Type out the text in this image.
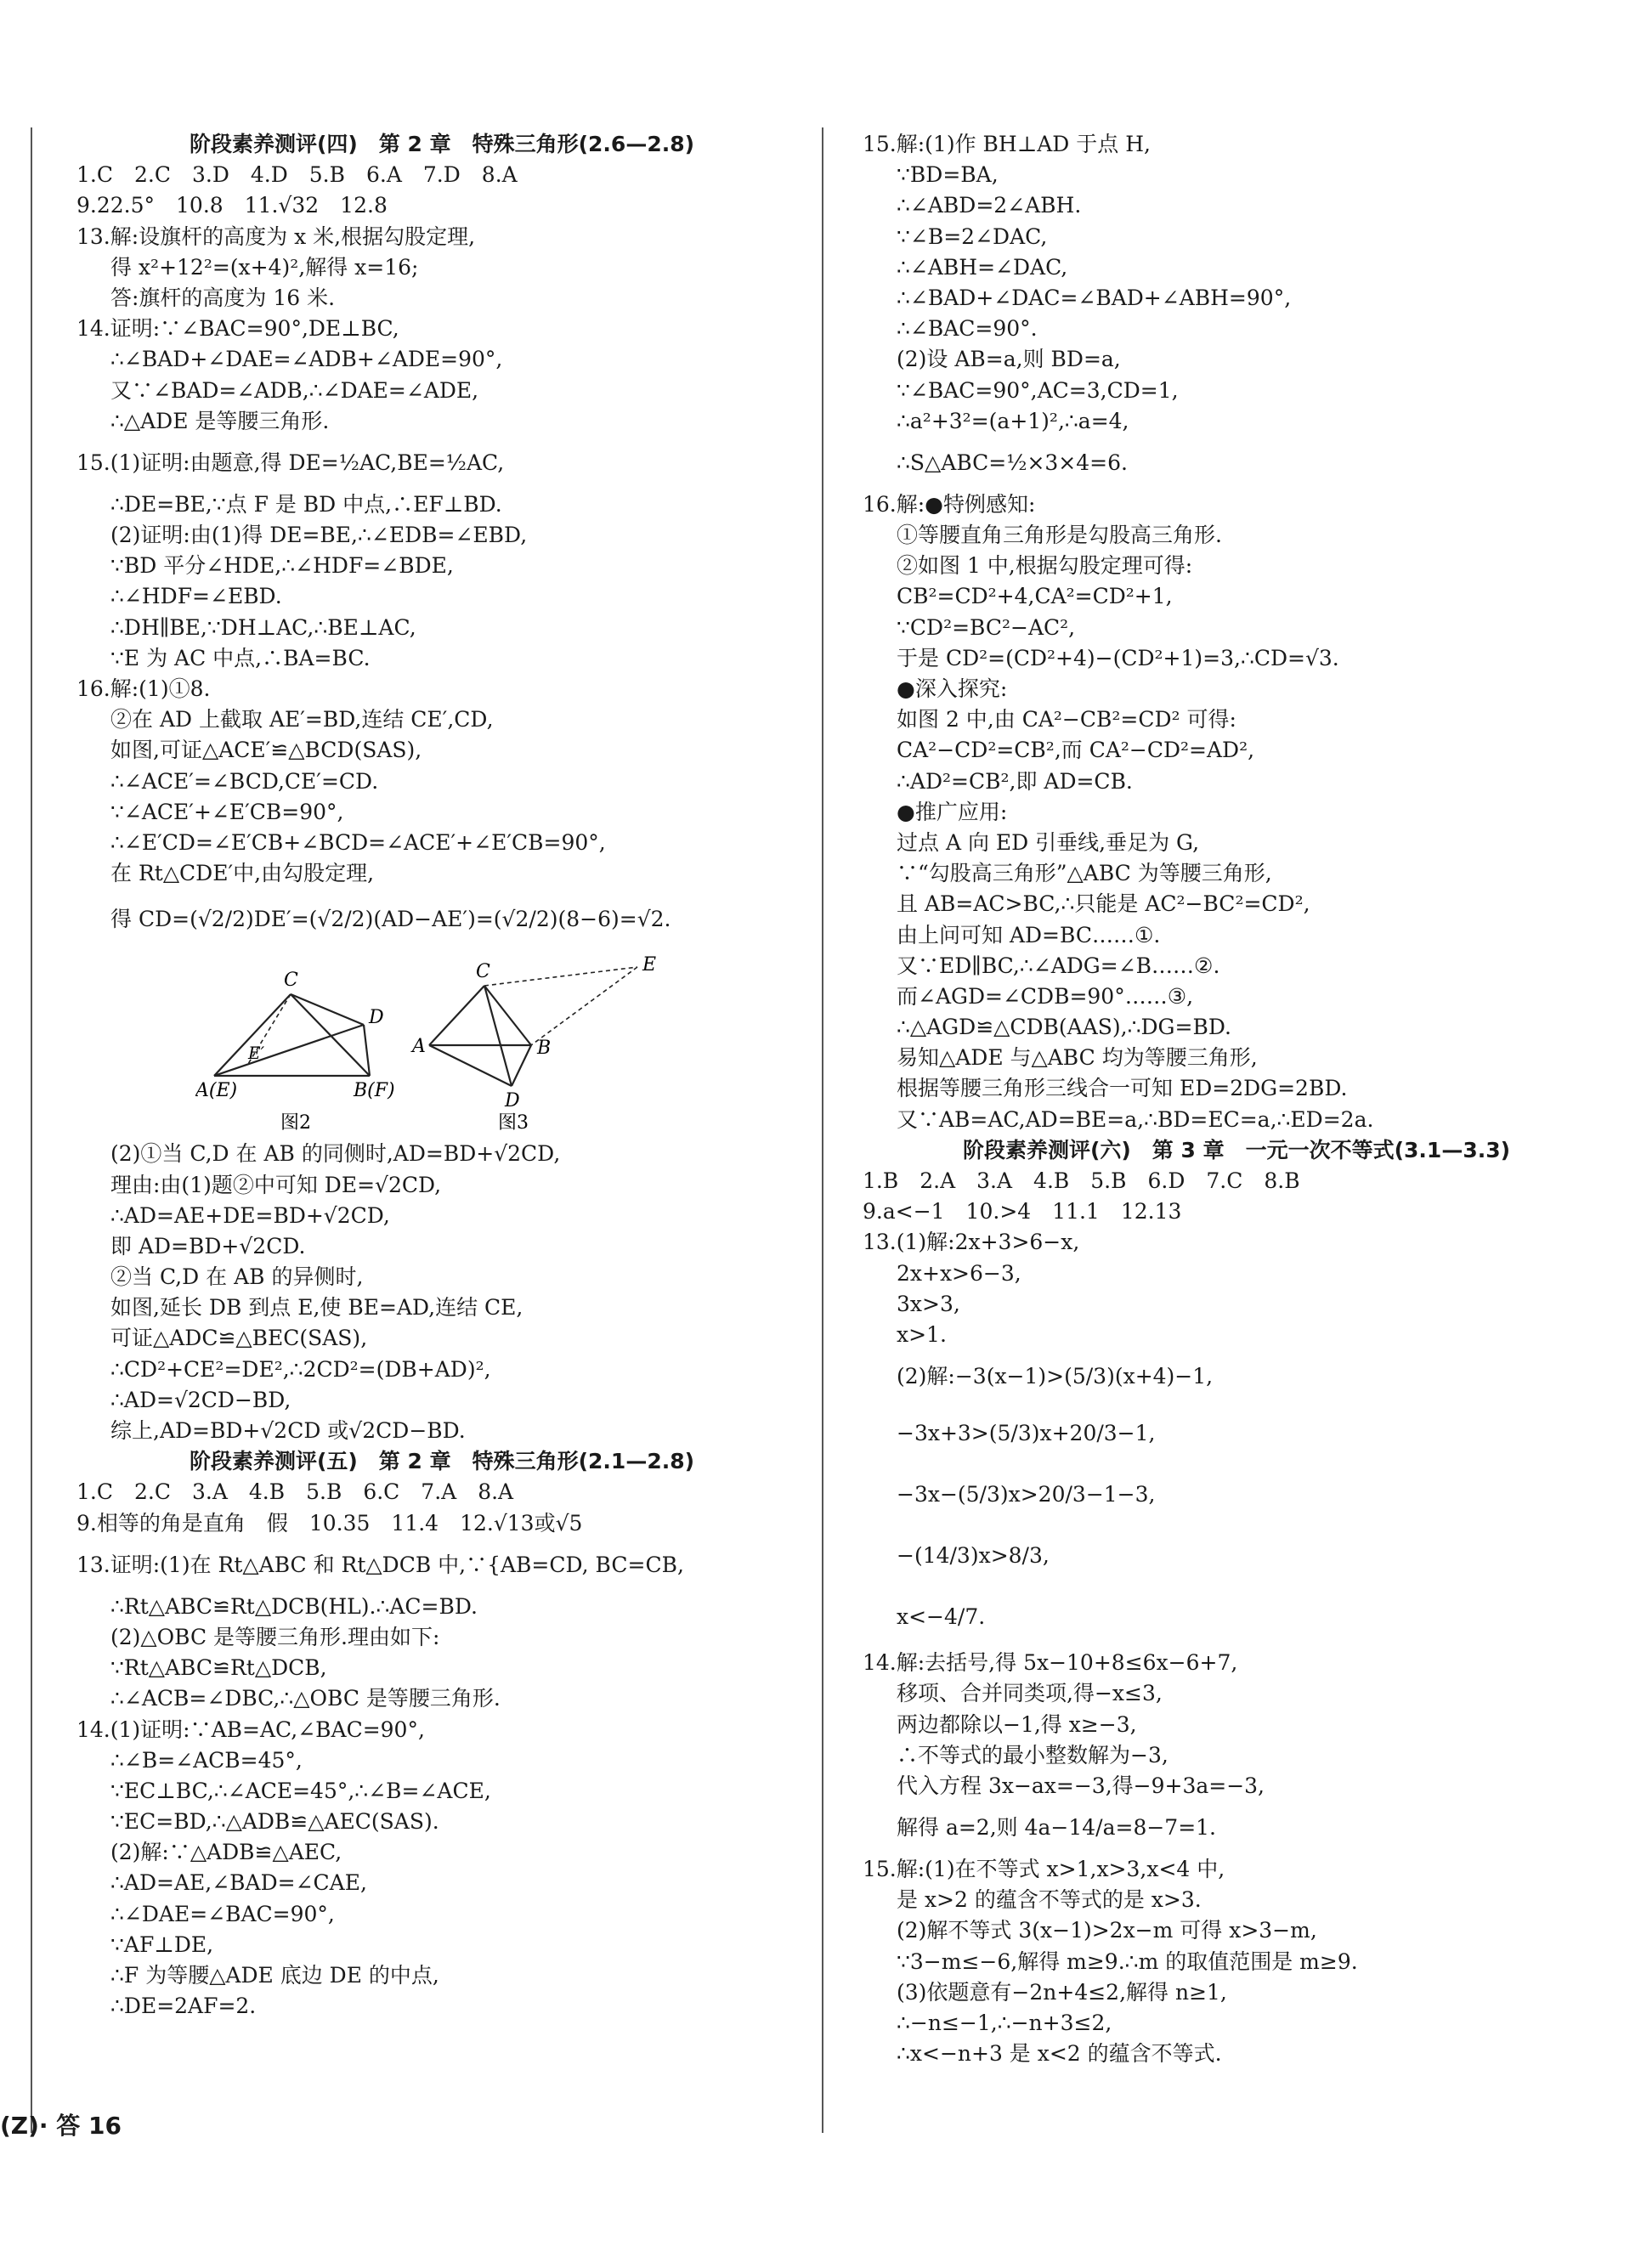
阶段素养测评(四)　第 2 章　特殊三角形(2.6—2.8)
1.C　2.C　3.D　4.D　5.B　6.A　7.D　8.A
9.22.5°　10.8　11.√32　12.8
13.解:设旗杆的高度为 x 米,根据勾股定理,
得 x²+12²=(x+4)²,解得 x=16;
答:旗杆的高度为 16 米.
14.证明:∵∠BAC=90°,DE⊥BC,
∴∠BAD+∠DAE=∠ADB+∠ADE=90°,
又∵∠BAD=∠ADB,∴∠DAE=∠ADE,
∴△ADE 是等腰三角形.
15.(1)证明:由题意,得 DE=½AC,BE=½AC,
∴DE=BE,∵点 F 是 BD 中点,∴EF⊥BD.
(2)证明:由(1)得 DE=BE,∴∠EDB=∠EBD,
∵BD 平分∠HDE,∴∠HDF=∠BDE,
∴∠HDF=∠EBD.
∴DH∥BE,∵DH⊥AC,∴BE⊥AC,
∵E 为 AC 中点,∴BA=BC.
16.解:(1)①8.
②在 AD 上截取 AE′=BD,连结 CE′,CD,
如图,可证△ACE′≌△BCD(SAS),
∴∠ACE′=∠BCD,CE′=CD.
∵∠ACE′+∠E′CB=90°,
∴∠E′CD=∠E′CB+∠BCD=∠ACE′+∠E′CB=90°,
在 Rt△CDE′中,由勾股定理,
得 CD=(√2/2)DE′=(√2/2)(AD−AE′)=(√2/2)(8−6)=√2.
C
D
E′
A(E)	B(F)
图2
C	E
A	B
D
图3
(2)①当 C,D 在 AB 的同侧时,AD=BD+√2CD,
理由:由(1)题②中可知 DE=√2CD,
∴AD=AE+DE=BD+√2CD,
即 AD=BD+√2CD.
②当 C,D 在 AB 的异侧时,
如图,延长 DB 到点 E,使 BE=AD,连结 CE,
可证△ADC≌△BEC(SAS),
∴CD²+CE²=DE²,∴2CD²=(DB+AD)²,
∴AD=√2CD−BD,
综上,AD=BD+√2CD 或√2CD−BD.
阶段素养测评(五)　第 2 章　特殊三角形(2.1—2.8)
1.C　2.C　3.A　4.B　5.B　6.C　7.A　8.A
9.相等的角是直角　假　10.35　11.4　12.√13或√5
13.证明:(1)在 Rt△ABC 和 Rt△DCB 中,∵{AB=CD, BC=CB,
∴Rt△ABC≌Rt△DCB(HL).∴AC=BD.
(2)△OBC 是等腰三角形.理由如下:
∵Rt△ABC≌Rt△DCB,
∴∠ACB=∠DBC,∴△OBC 是等腰三角形.
14.(1)证明:∵AB=AC,∠BAC=90°,
∴∠B=∠ACB=45°,
∵EC⊥BC,∴∠ACE=45°,∴∠B=∠ACE,
∵EC=BD,∴△ADB≌△AEC(SAS).
(2)解:∵△ADB≌△AEC,
∴AD=AE,∠BAD=∠CAE,
∴∠DAE=∠BAC=90°,
∵AF⊥DE,
∴F 为等腰△ADE 底边 DE 的中点,
∴DE=2AF=2.
15.解:(1)作 BH⊥AD 于点 H,
∵BD=BA,
∴∠ABD=2∠ABH.
∵∠B=2∠DAC,
∴∠ABH=∠DAC,
∴∠BAD+∠DAC=∠BAD+∠ABH=90°,
∴∠BAC=90°.
(2)设 AB=a,则 BD=a,
∵∠BAC=90°,AC=3,CD=1,
∴a²+3²=(a+1)²,∴a=4,
∴S△ABC=½×3×4=6.
16.解:●特例感知:
①等腰直角三角形是勾股高三角形.
②如图 1 中,根据勾股定理可得:
CB²=CD²+4,CA²=CD²+1,
∵CD²=BC²−AC²,
于是 CD²=(CD²+4)−(CD²+1)=3,∴CD=√3.
●深入探究:
如图 2 中,由 CA²−CB²=CD² 可得:
CA²−CD²=CB²,而 CA²−CD²=AD²,
∴AD²=CB²,即 AD=CB.
●推广应用:
过点 A 向 ED 引垂线,垂足为 G,
∵“勾股高三角形”△ABC 为等腰三角形,
且 AB=AC>BC,∴只能是 AC²−BC²=CD²,
由上问可知 AD=BC……①.
又∵ED∥BC,∴∠ADG=∠B……②.
而∠AGD=∠CDB=90°……③,
∴△AGD≌△CDB(AAS),∴DG=BD.
易知△ADE 与△ABC 均为等腰三角形,
根据等腰三角形三线合一可知 ED=2DG=2BD.
又∵AB=AC,AD=BE=a,∴BD=EC=a,∴ED=2a.
阶段素养测评(六)　第 3 章　一元一次不等式(3.1—3.3)
1.B　2.A　3.A　4.B　5.B　6.D　7.C　8.B
9.a<−1　10.>4　11.1　12.13
13.(1)解:2x+3>6−x,
2x+x>6−3,
3x>3,
x>1.
(2)解:−3(x−1)>(5/3)(x+4)−1,
−3x+3>(5/3)x+20/3−1,
−3x−(5/3)x>20/3−1−3,
−(14/3)x>8/3,
x<−4/7.
14.解:去括号,得 5x−10+8≤6x−6+7,
移项、合并同类项,得−x≤3,
两边都除以−1,得 x≥−3,
∴不等式的最小整数解为−3,
代入方程 3x−ax=−3,得−9+3a=−3,
解得 a=2,则 4a−14/a=8−7=1.
15.解:(1)在不等式 x>1,x>3,x<4 中,
是 x>2 的蕴含不等式的是 x>3.
(2)解不等式 3(x−1)>2x−m 可得 x>3−m,
∵3−m≤−6,解得 m≥9.∴m 的取值范围是 m≥9.
(3)依题意有−2n+4≤2,解得 n≥1,
∴−n≤−1,∴−n+3≤2,
∴x<−n+3 是 x<2 的蕴含不等式.
(Z)· 答 16
